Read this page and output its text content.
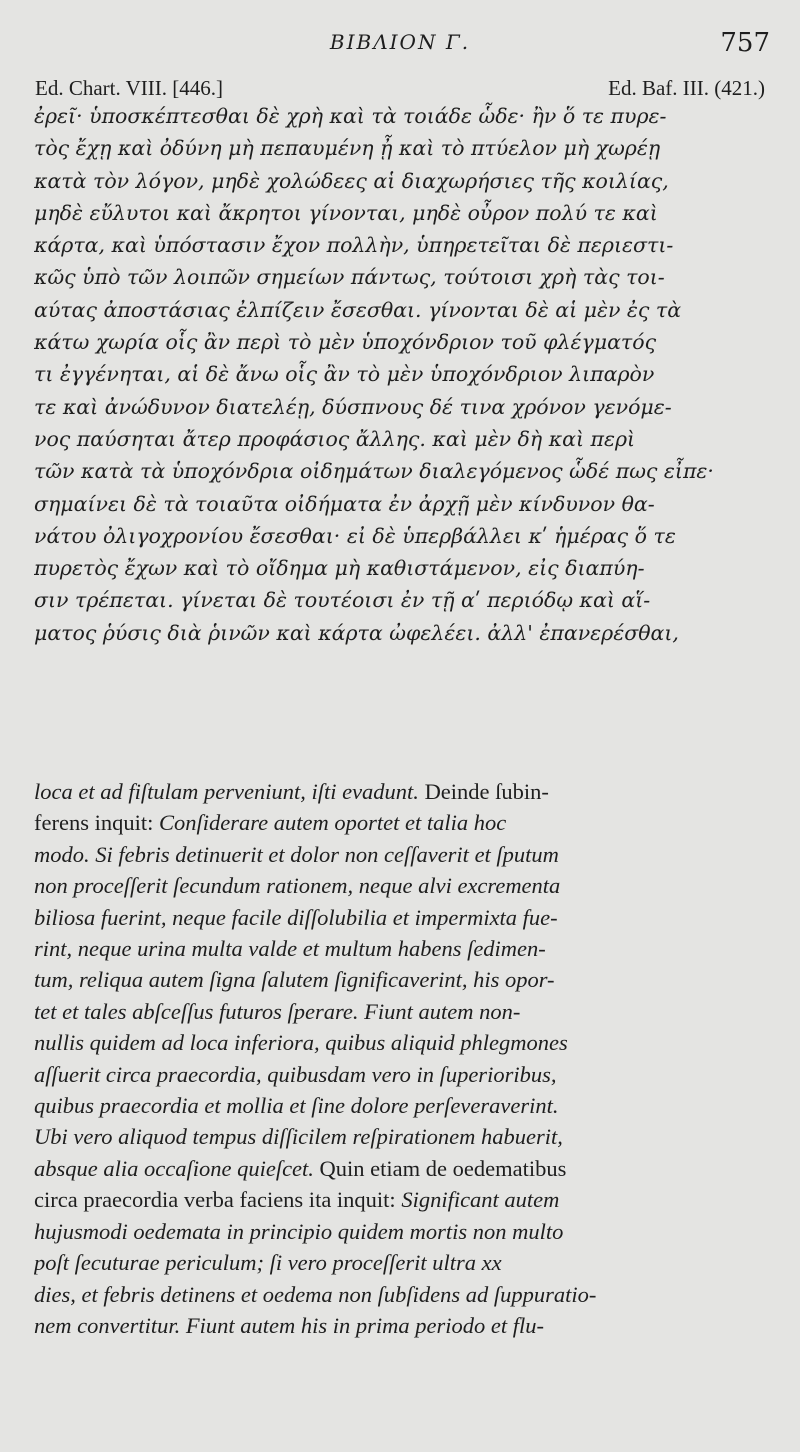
ΒΙΒΛΙΟΝ Γ.	757
Ed. Chart. VIII. [446.]	Ed. Baf. III. (421.)
ἐρεῖ· ὑποσκέπτεσθαι δὲ χρὴ καὶ τὰ τοιάδε ὧδε· ἢν ὅ τε πυρε-
τὸς ἔχῃ καὶ ὀδύνη μὴ πεπαυμένη ᾖ καὶ τὸ πτύελον μὴ χωρέῃ
κατὰ τὸν λόγον, μηδὲ χολώδεες αἱ διαχωρήσιες τῆς κοιλίας,
μηδὲ εὔλυτοι καὶ ἄκρητοι γίνονται, μηδὲ οὖρον πολύ τε καὶ
κάρτα, καὶ ὑπόστασιν ἔχον πολλὴν, ὑπηρετεῖται δὲ περιεστι-
κῶς ὑπὸ τῶν λοιπῶν σημείων πάντως, τούτοισι χρὴ τὰς τοι-
αύτας ἀποστάσιας ἐλπίζειν ἔσεσθαι. γίνονται δὲ αἱ μὲν ἐς τὰ
κάτω χωρία οἷς ἂν περὶ τὸ μὲν ὑποχόνδριον τοῦ φλέγματός
τι ἐγγένηται, αἱ δὲ ἄνω οἷς ἂν τὸ μὲν ὑποχόνδριον λιπαρὸν
τε καὶ ἀνώδυνον διατελέῃ, δύσπνους δέ τινα χρόνον γενόμε-
νος παύσηται ἄτερ προφάσιος ἄλλης. καὶ μὲν δὴ καὶ περὶ
τῶν κατὰ τὰ ὑποχόνδρια οἰδημάτων διαλεγόμενος ὧδέ πως εἶπε·
σημαίνει δὲ τὰ τοιαῦτα οἰδήματα ἐν ἀρχῇ μὲν κίνδυνον θα-
νάτου ὀλιγοχρονίου ἔσεσθαι· εἰ δὲ ὑπερβάλλει κʹ ἡμέρας ὅ τε
πυρετὸς ἔχων καὶ τὸ οἴδημα μὴ καθιστάμενον, εἰς διαπύη-
σιν τρέπεται. γίνεται δὲ τουτέοισι ἐν τῇ αʹ περιόδῳ καὶ αἵ-
ματος ῥύσις διὰ ῥινῶν καὶ κάρτα ὠφελέει. ἀλλ' ἐπανερέσθαι,
loca et ad fiſtulam perveniunt, iſti evadunt. Deinde ſubin-
ferens inquit: Conſiderare autem oportet et talia hoc
modo. Si febris detinuerit et dolor non ceſſaverit et ſputum
non proceſſerit ſecundum rationem, neque alvi excrementa
biliosa fuerint, neque facile diſſolubilia et impermixta fue-
rint, neque urina multa valde et multum habens ſedimen-
tum, reliqua autem ſigna ſalutem ſignificaverint, his opor-
tet et tales abſceſſus futuros ſperare. Fiunt autem non-
nullis quidem ad loca inferiora, quibus aliquid phlegmones
aſſuerit circa praecordia, quibusdam vero in ſuperioribus,
quibus praecordia et mollia et ſine dolore perſeveraverint.
Ubi vero aliquod tempus diſſicilem reſpirationem habuerit,
absque alia occaſione quieſcet. Quin etiam de oedematibus
circa praecordia verba faciens ita inquit: Significant autem
hujusmodi oedemata in principio quidem mortis non multo
poſt ſecuturae periculum; ſi vero proceſſerit ultra xx
dies, et febris detinens et oedema non ſubſidens ad ſuppuratio-
nem convertitur. Fiunt autem his in prima periodo et flu-
